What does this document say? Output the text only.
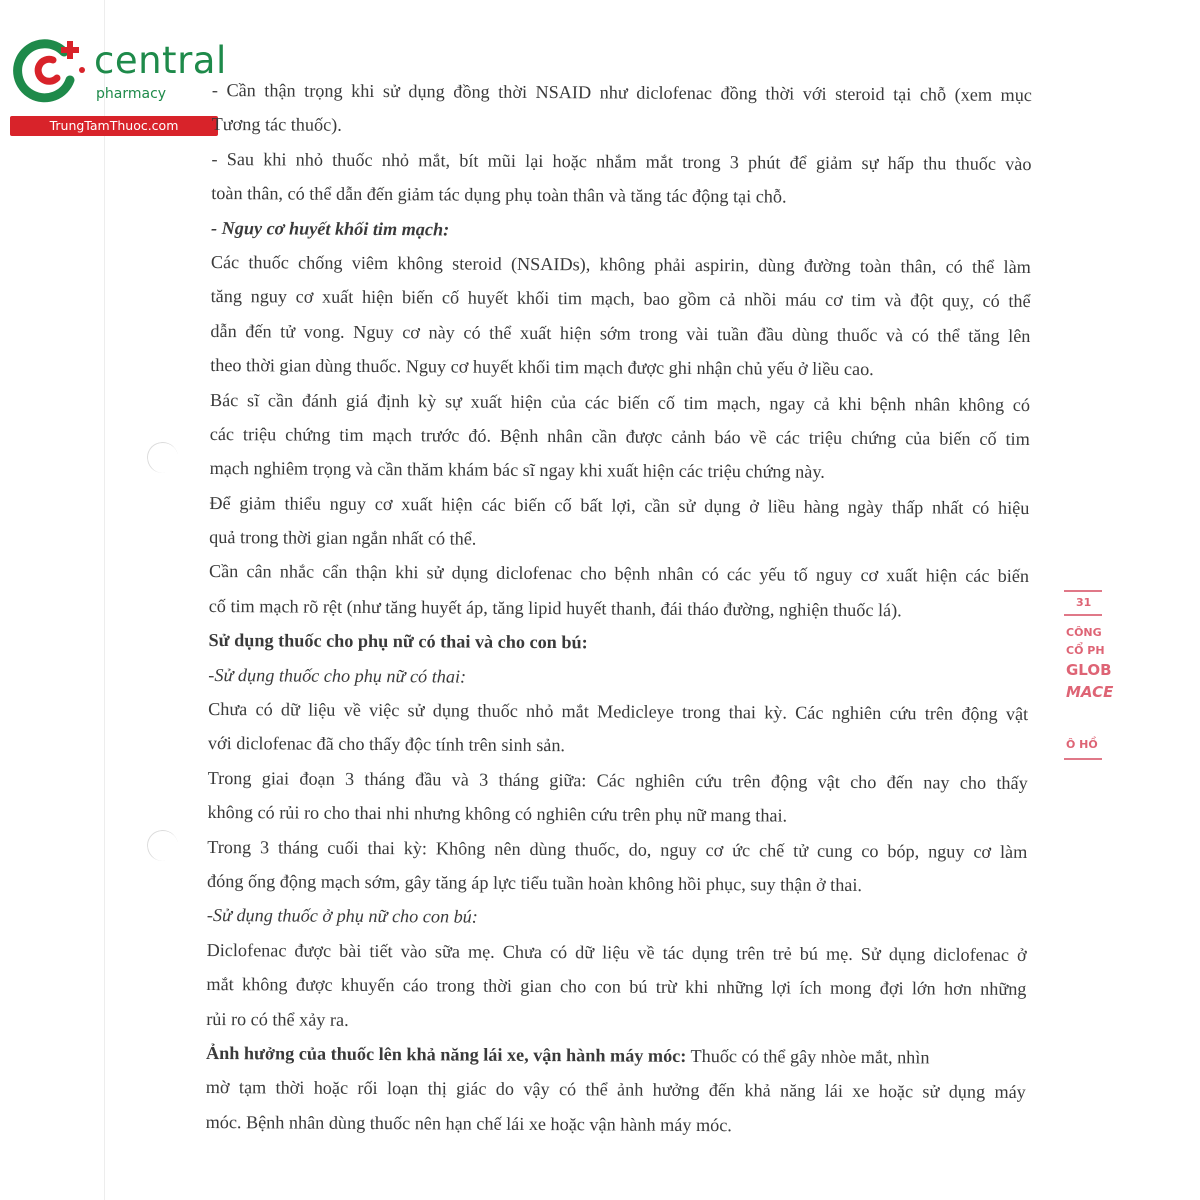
central
pharmacy
TrungTamThuoc.com
31
CÔNG
CỔ PH
GLOB
MACE
Ô HỒ
- Cần thận trọng khi sử dụng đồng thời NSAID như diclofenac đồng thời với steroid tại chỗ (xem mục
Tương tác thuốc).
- Sau khi nhỏ thuốc nhỏ mắt, bít mũi lại hoặc nhắm mắt trong 3 phút để giảm sự hấp thu thuốc vào
toàn thân, có thể dẫn đến giảm tác dụng phụ toàn thân và tăng tác động tại chỗ.
- Nguy cơ huyết khối tim mạch:
Các thuốc chống viêm không steroid (NSAIDs), không phải aspirin, dùng đường toàn thân, có thể làm
tăng nguy cơ xuất hiện biến cố huyết khối tim mạch, bao gồm cả nhồi máu cơ tim và đột quỵ, có thể
dẫn đến tử vong. Nguy cơ này có thể xuất hiện sớm trong vài tuần đầu dùng thuốc và có thể tăng lên
theo thời gian dùng thuốc. Nguy cơ huyết khối tim mạch được ghi nhận chủ yếu ở liều cao.
Bác sĩ cần đánh giá định kỳ sự xuất hiện của các biến cố tim mạch, ngay cả khi bệnh nhân không có
các triệu chứng tim mạch trước đó. Bệnh nhân cần được cảnh báo về các triệu chứng của biến cố tim
mạch nghiêm trọng và cần thăm khám bác sĩ ngay khi xuất hiện các triệu chứng này.
Để giảm thiểu nguy cơ xuất hiện các biến cố bất lợi, cần sử dụng ở liều hàng ngày thấp nhất có hiệu
quả trong thời gian ngắn nhất có thể.
Cần cân nhắc cẩn thận khi sử dụng diclofenac cho bệnh nhân có các yếu tố nguy cơ xuất hiện các biến
cố tim mạch rõ rệt (như tăng huyết áp, tăng lipid huyết thanh, đái tháo đường, nghiện thuốc lá).
Sử dụng thuốc cho phụ nữ có thai và cho con bú:
-Sử dụng thuốc cho phụ nữ có thai:
Chưa có dữ liệu về việc sử dụng thuốc nhỏ mắt Medicleye trong thai kỳ. Các nghiên cứu trên động vật
với diclofenac đã cho thấy độc tính trên sinh sản.
Trong giai đoạn 3 tháng đầu và 3 tháng giữa: Các nghiên cứu trên động vật cho đến nay cho thấy
không có rủi ro cho thai nhi nhưng không có nghiên cứu trên phụ nữ mang thai.
Trong 3 tháng cuối thai kỳ: Không nên dùng thuốc, do, nguy cơ ức chế tử cung co bóp, nguy cơ làm
đóng ống động mạch sớm, gây tăng áp lực tiểu tuần hoàn không hồi phục, suy thận ở thai.
-Sử dụng thuốc ở phụ nữ cho con bú:
Diclofenac được bài tiết vào sữa mẹ. Chưa có dữ liệu về tác dụng trên trẻ bú mẹ. Sử dụng diclofenac ở
mắt không được khuyến cáo trong thời gian cho con bú trừ khi những lợi ích mong đợi lớn hơn những
rủi ro có thể xảy ra.
Ảnh hưởng của thuốc lên khả năng lái xe, vận hành máy móc: Thuốc có thể gây nhòe mắt, nhìn
mờ tạm thời hoặc rối loạn thị giác do vậy có thể ảnh hưởng đến khả năng lái xe hoặc sử dụng máy
móc. Bệnh nhân dùng thuốc nên hạn chế lái xe hoặc vận hành máy móc.
